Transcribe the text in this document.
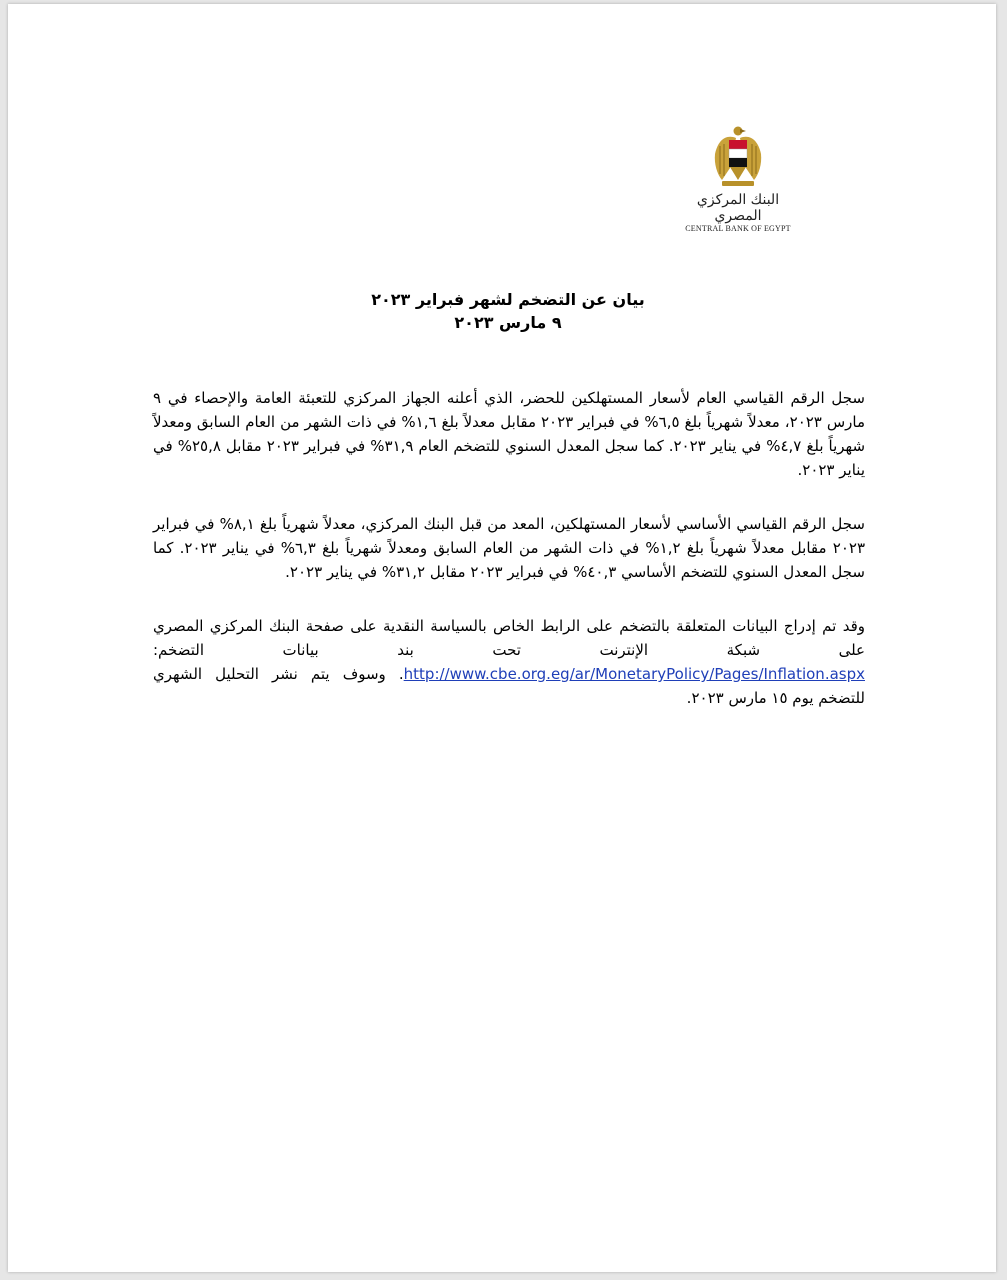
البنك المركزي المصري
CENTRAL BANK OF EGYPT
بيان عن التضخم لشهر فبراير ٢٠٢٣
٩ مارس ٢٠٢٣

سجل الرقم القياسي العام لأسعار المستهلكين للحضر، الذي أعلنه الجهاز المركزي للتعبئة العامة والإحصاء في ٩ مارس ٢٠٢٣، معدلاً شهرياً بلغ ٦,٥% في فبراير ٢٠٢٣ مقابل معدلاً بلغ ١,٦% في ذات الشهر من العام السابق ومعدلاً شهرياً بلغ ٤,٧% في يناير ٢٠٢٣. كما سجل المعدل السنوي للتضخم العام ٣١,٩% في فبراير ٢٠٢٣ مقابل ٢٥,٨% في يناير ٢٠٢٣.

سجل الرقم القياسي الأساسي لأسعار المستهلكين، المعد من قبل البنك المركزي، معدلاً شهرياً بلغ ٨,١% في فبراير ٢٠٢٣ مقابل معدلاً شهرياً بلغ ١,٢% في ذات الشهر من العام السابق ومعدلاً شهرياً بلغ ٦,٣% في يناير ٢٠٢٣. كما سجل المعدل السنوي للتضخم الأساسي ٤٠,٣% في فبراير ٢٠٢٣ مقابل ٣١,٢% في يناير ٢٠٢٣.

وقد تم إدراج البيانات المتعلقة بالتضخم على الرابط الخاص بالسياسة النقدية على صفحة البنك المركزي المصري على شبكة الإنترنت تحت بند بيانات التضخم: http://www.cbe.org.eg/ar/MonetaryPolicy/Pages/Inflation.aspx. وسوف يتم نشر التحليل الشهري للتضخم يوم ١٥ مارس ٢٠٢٣.
